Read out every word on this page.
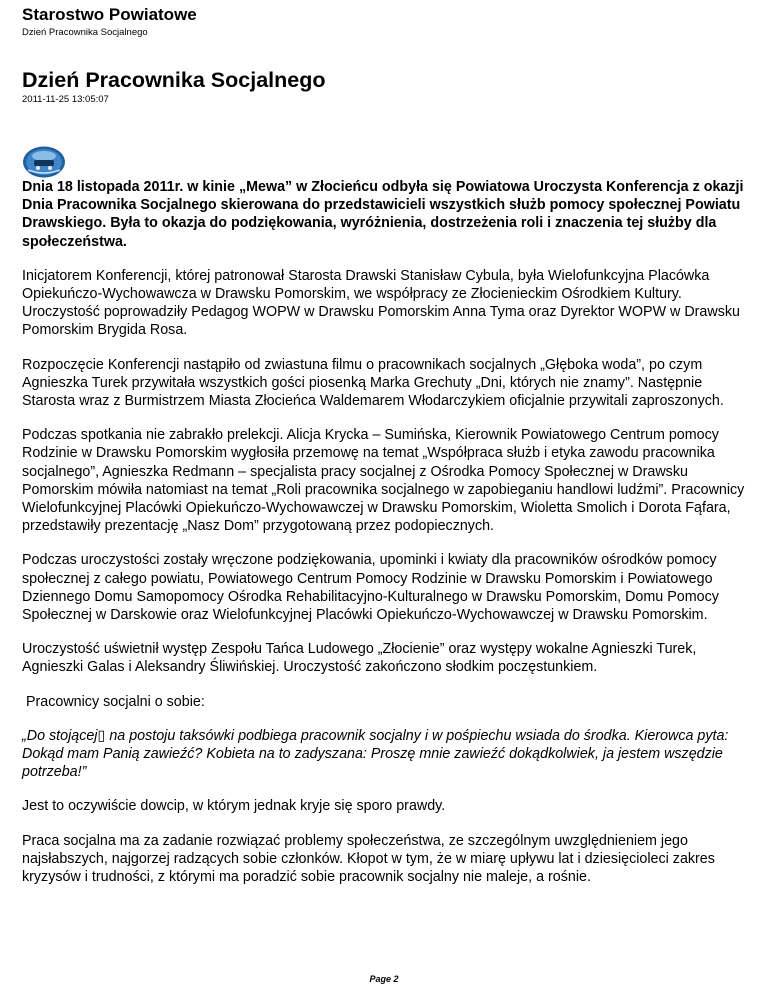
Starostwo Powiatowe
Dzień Pracownika Socjalnego
Dzień Pracownika Socjalnego
2011-11-25 13:05:07

Dnia 18 listopada 2011r. w kinie „Mewa” w Złocieńcu odbyła się Powiatowa Uroczysta Konferencja z okazji Dnia Pracownika Socjalnego skierowana do przedstawicieli wszystkich służb pomocy społecznej Powiatu Drawskiego. Była to okazja do podziękowania, wyróżnienia, dostrzeżenia roli i znaczenia tej służby dla społeczeństwa.

Inicjatorem Konferencji, której patronował Starosta Drawski Stanisław Cybula, była Wielofunkcyjna Placówka Opiekuńczo-Wychowawcza w Drawsku Pomorskim, we współpracy ze Złocienieckim Ośrodkiem Kultury. Uroczystość poprowadziły Pedagog WOPW w Drawsku Pomorskim Anna Tyma oraz Dyrektor WOPW w Drawsku Pomorskim Brygida Rosa.

Rozpoczęcie Konferencji nastąpiło od zwiastuna filmu o pracownikach socjalnych „Głęboka woda”, po czym Agnieszka Turek przywitała wszystkich gości piosenką Marka Grechuty „Dni, których nie znamy”. Następnie Starosta wraz z Burmistrzem Miasta Złocieńca Waldemarem Włodarczykiem oficjalnie przywitali zaproszonych.

Podczas spotkania nie zabrakło prelekcji. Alicja Krycka – Sumińska, Kierownik Powiatowego Centrum pomocy Rodzinie w Drawsku Pomorskim wygłosiła przemowę na temat „Współpraca służb i etyka zawodu pracownika socjalnego”, Agnieszka Redmann – specjalista pracy socjalnej z Ośrodka Pomocy Społecznej w Drawsku Pomorskim mówiła natomiast na temat „Roli pracownika socjalnego w zapobieganiu handlowi ludźmi”. Pracownicy Wielofunkcyjnej Placówki Opiekuńczo-Wychowawczej w Drawsku Pomorskim, Wioletta Smolich i Dorota Fąfara, przedstawiły prezentację „Nasz Dom” przygotowaną przez podopiecznych.

Podczas uroczystości zostały wręczone podziękowania, upominki i kwiaty dla pracowników ośrodków pomocy społecznej z całego powiatu, Powiatowego Centrum Pomocy Rodzinie w Drawsku Pomorskim i Powiatowego Dziennego Domu Samopomocy Ośrodka Rehabilitacyjno-Kulturalnego w Drawsku Pomorskim, Domu Pomocy Społecznej w Darskowie oraz Wielofunkcyjnej Placówki Opiekuńczo-Wychowawczej w Drawsku Pomorskim.

Uroczystość uświetnił występ Zespołu Tańca Ludowego „Złocienie” oraz występy wokalne Agnieszki Turek, Agnieszki Galas i Aleksandry Śliwińskiej. Uroczystość zakończono słodkim poczęstunkiem.

Pracownicy socjalni o sobie:

„Do stojącej▯ na postoju taksówki podbiega pracownik socjalny i w pośpiechu wsiada do środka. Kierowca pyta: Dokąd mam Panią zawieźć? Kobieta na to zadyszana: Proszę mnie zawieźć dokądkolwiek, ja jestem wszędzie potrzeba!”

Jest to oczywiście dowcip, w którym jednak kryje się sporo prawdy.

Praca socjalna ma za zadanie rozwiązać problemy społeczeństwa, ze szczególnym uwzględnieniem jego najsłabszych, najgorzej radzących sobie członków. Kłopot w tym, że w miarę upływu lat i dziesięcioleci zakres kryzysów i trudności, z którymi ma poradzić sobie pracownik socjalny nie maleje, a rośnie.

Page 2
